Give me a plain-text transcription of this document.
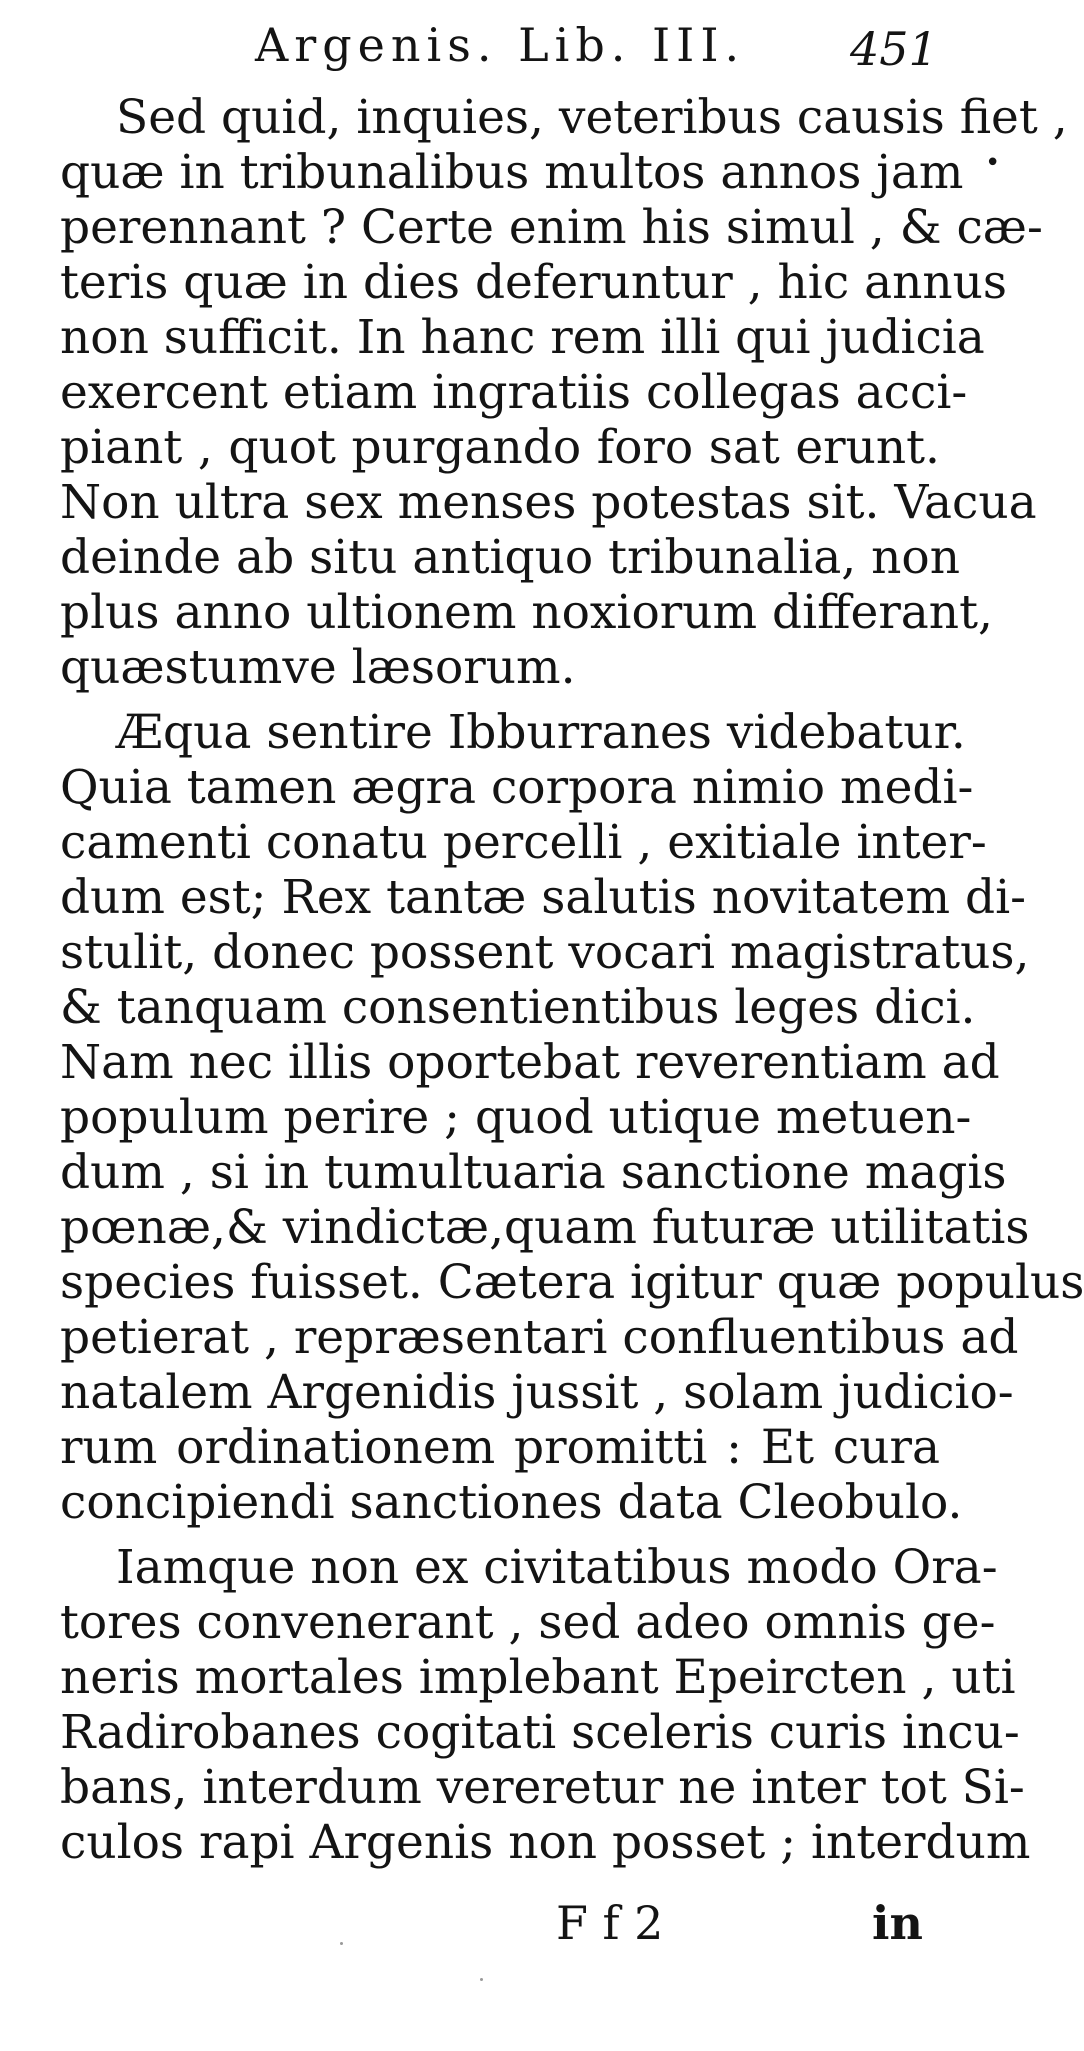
Argenis. Lib. III. 451
•
Sed quid, inquies, veteribus causis fiet ,
quæ in tribunalibus multos annos jam
perennant ? Certe enim his simul , & cæ-
teris quæ in dies deferuntur , hic annus
non sufficit. In hanc rem illi qui judicia
exercent etiam ingratiis collegas acci-
piant , quot purgando foro sat erunt.
Non ultra sex menses potestas sit. Vacua
deinde ab situ antiquo tribunalia, non
plus anno ultionem noxiorum differant,
quæstumve læsorum.
Æqua sentire Ibburranes videbatur.
Quia tamen ægra corpora nimio medi-
camenti conatu percelli , exitiale inter-
dum est; Rex tantæ salutis novitatem di-
stulit, donec possent vocari magistratus,
& tanquam consentientibus leges dici.
Nam nec illis oportebat reverentiam ad
populum perire ; quod utique metuen-
dum , si in tumultuaria sanctione magis
pœnæ,& vindictæ,quam futuræ utilitatis
species fuisset. Cætera igitur quæ populus
petierat , repræsentari confluentibus ad
natalem Argenidis jussit , solam judicio-
rum ordinationem promitti : Et cura
concipiendi sanctiones data Cleobulo.
Iamque non ex civitatibus modo Ora-
tores convenerant , sed adeo omnis ge-
neris mortales implebant Epeircten , uti
Radirobanes cogitati sceleris curis incu-
bans, interdum vereretur ne inter tot Si-
culos rapi Argenis non posset ; interdum
F f 2	in
